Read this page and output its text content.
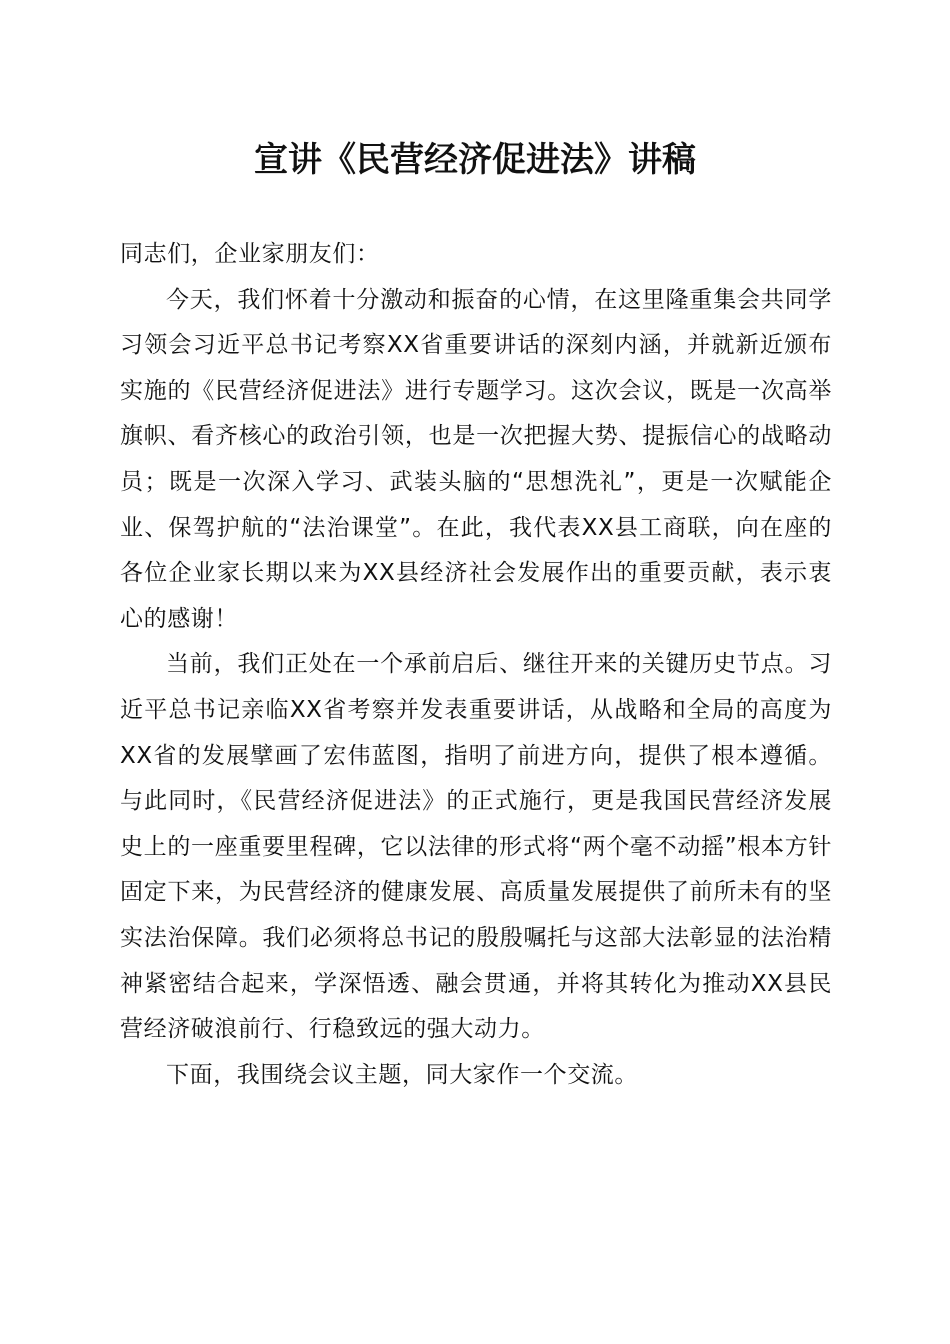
宣讲《民营经济促进法》讲稿

同志们，企业家朋友们：

今天，我们怀着十分激动和振奋的心情，在这里隆重集会共同学习领会习近平总书记考察XX省重要讲话的深刻内涵，并就新近颁布实施的《民营经济促进法》进行专题学习。这次会议，既是一次高举旗帜、看齐核心的政治引领，也是一次把握大势、提振信心的战略动员；既是一次深入学习、武装头脑的“思想洗礼”，更是一次赋能企业、保驾护航的“法治课堂”。在此，我代表XX县工商联，向在座的各位企业家长期以来为XX县经济社会发展作出的重要贡献，表示衷心的感谢！

当前，我们正处在一个承前启后、继往开来的关键历史节点。习近平总书记亲临XX省考察并发表重要讲话，从战略和全局的高度为XX省的发展擘画了宏伟蓝图，指明了前进方向，提供了根本遵循。与此同时，《民营经济促进法》的正式施行，更是我国民营经济发展史上的一座重要里程碑，它以法律的形式将“两个毫不动摇”根本方针固定下来，为民营经济的健康发展、高质量发展提供了前所未有的坚实法治保障。我们必须将总书记的殷殷嘱托与这部大法彰显的法治精神紧密结合起来，学深悟透、融会贯通，并将其转化为推动XX县民营经济破浪前行、行稳致远的强大动力。

下面，我围绕会议主题，同大家作一个交流。
